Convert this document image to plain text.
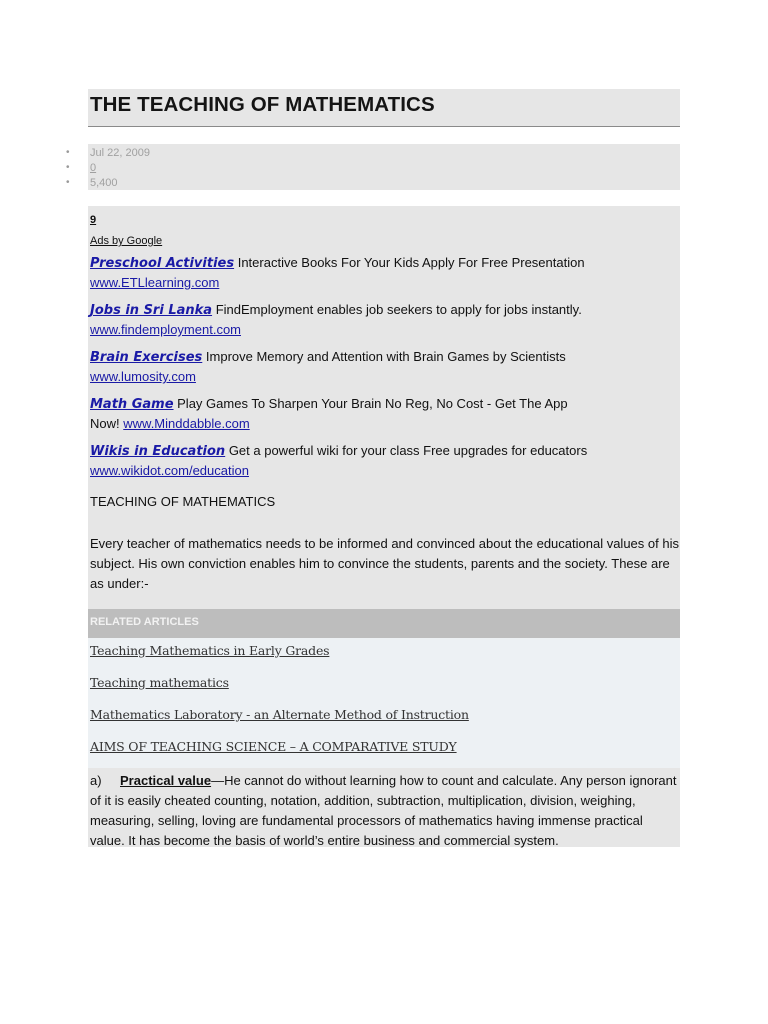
THE TEACHING OF MATHEMATICS
•
•
•
Jul 22, 2009
0
5,400
9
Ads by Google
Preschool Activities Interactive Books For Your Kids Apply For Free Presentation www.ETLlearning.com
Jobs in Sri Lanka FindEmployment enables job seekers to apply for jobs instantly. www.findemployment.com
Brain Exercises Improve Memory and Attention with Brain Games by Scientists www.lumosity.com
Math Game Play Games To Sharpen Your Brain No Reg, No Cost - Get The App Now! www.Minddabble.com
Wikis in Education Get a powerful wiki for your class Free upgrades for educators www.wikidot.com/education
TEACHING OF MATHEMATICS
Every teacher of mathematics needs to be informed and convinced about the educational values of his subject. His own conviction enables him to convince the students, parents and the society. These are as under:-
RELATED ARTICLES
Teaching Mathematics in Early Grades
Teaching mathematics
Mathematics Laboratory - an Alternate Method of Instruction
AIMS OF TEACHING SCIENCE – A COMPARATIVE STUDY
a) Practical value—He cannot do without learning how to count and calculate. Any person ignorant of it is easily cheated counting, notation, addition, subtraction, multiplication, division, weighing, measuring, selling, loving are fundamental processors of mathematics having immense practical value. It has become the basis of world’s entire business and commercial system.
